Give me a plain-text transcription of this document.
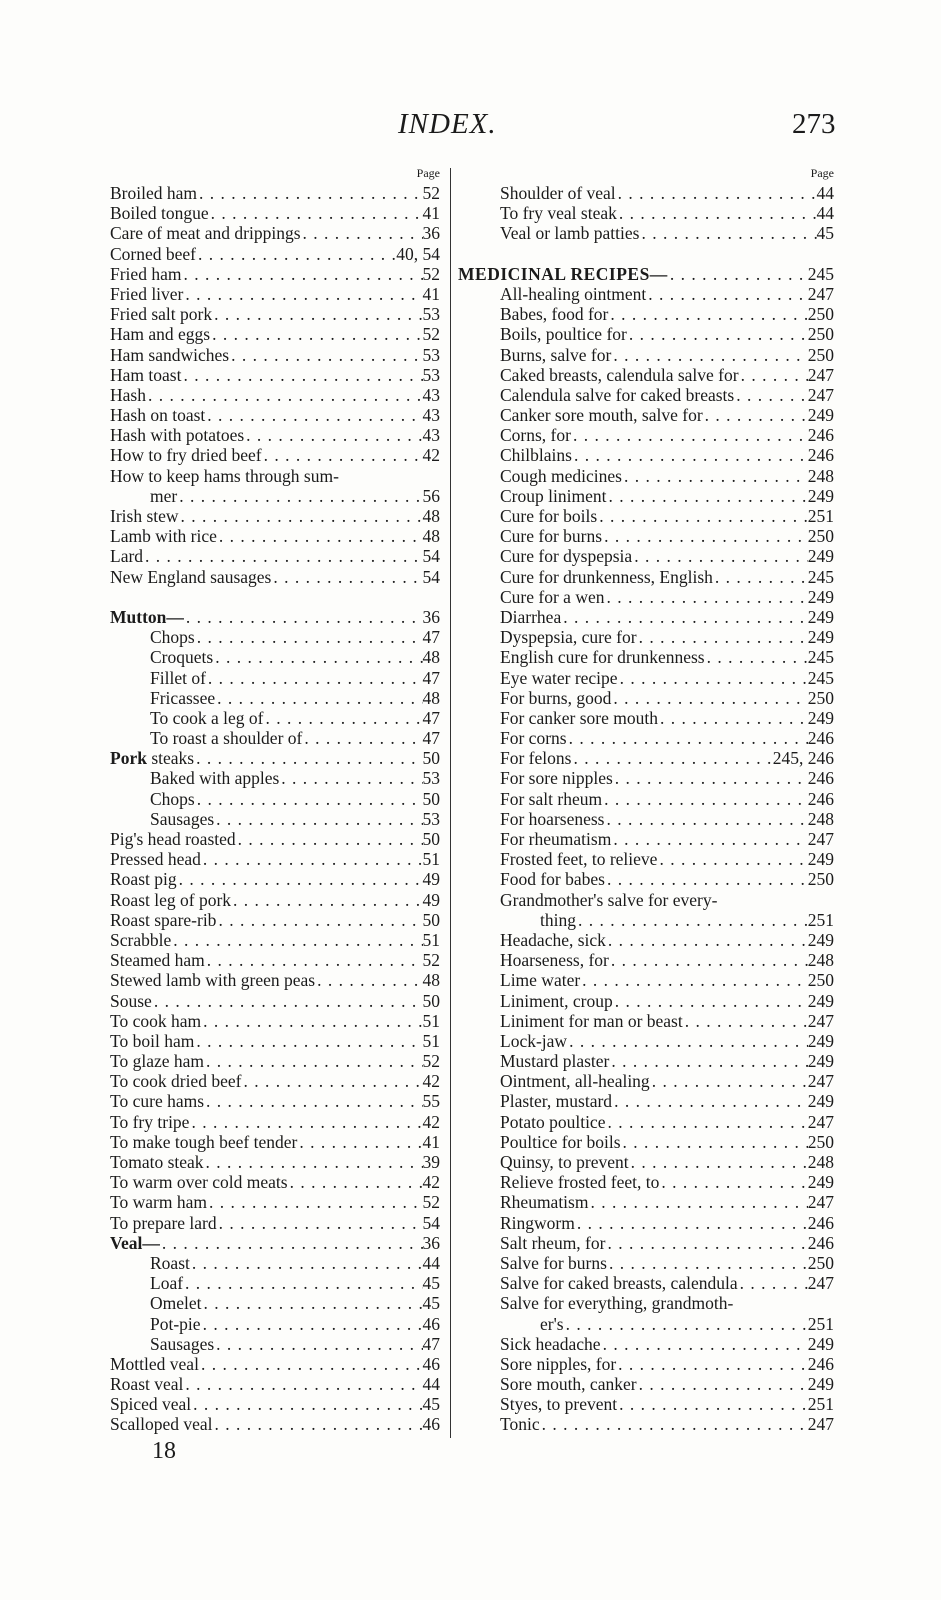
INDEX.	273
Page
Broiled ham . . .	52
Boiled tongue . . .	41
Care of meat and drippings . . .	36
Corned beef . . .	40, 54
Fried ham . . .	52
Fried liver . . .	41
Fried salt pork . . .	53
Ham and eggs . . .	52
Ham sandwiches . . .	53
Ham toast . . .	53
Hash . . .	43
Hash on toast . . .	43
Hash with potatoes . . .	43
How to fry dried beef . . .	42
How to keep hams through sum-
mer . . .	56
Irish stew . . .	48
Lamb with rice . . .	48
Lard . . .	54
New England sausages . . .	54
Mutton— . . .	36
Chops . . .	47
Croquets . . .	48
Fillet of . . .	47
Fricassee . . .	48
To cook a leg of . . .	47
To roast a shoulder of . . .	47
Pork steaks . . .	50
Baked with apples . . .	53
Chops . . .	50
Sausages . . .	53
Pig's head roasted . . .	50
Pressed head . . .	51
Roast pig . . .	49
Roast leg of pork . . .	49
Roast spare-rib . . .	50
Scrabble . . .	51
Steamed ham . . .	52
Stewed lamb with green peas . . .	48
Souse . . .	50
To cook ham . . .	51
To boil ham . . .	51
To glaze ham . . .	52
To cook dried beef . . .	42
To cure hams . . .	55
To fry tripe . . .	42
To make tough beef tender . . .	41
Tomato steak . . .	39
To warm over cold meats . . .	42
To warm ham . . .	52
To prepare lard . . .	54
Veal— . . .	36
Roast . . .	44
Loaf . . .	45
Omelet . . .	45
Pot-pie . . .	46
Sausages . . .	47
Mottled veal . . .	46
Roast veal . . .	44
Spiced veal . . .	45
Scalloped veal . . .	46
Page
Shoulder of veal . . .	44
To fry veal steak . . .	44
Veal or lamb patties . . .	45
MEDICINAL RECIPES— . . .	245
All-healing ointment . . .	247
Babes, food for . . .	250
Boils, poultice for . . .	250
Burns, salve for . . .	250
Caked breasts, calendula salve for . . .	247
Calendula salve for caked breasts . . .	247
Canker sore mouth, salve for . . .	249
Corns, for . . .	246
Chilblains . . .	246
Cough medicines . . .	248
Croup liniment . . .	249
Cure for boils . . .	251
Cure for burns . . .	250
Cure for dyspepsia . . .	249
Cure for drunkenness, English . . .	245
Cure for a wen . . .	249
Diarrhea . . .	249
Dyspepsia, cure for . . .	249
English cure for drunkenness . . .	245
Eye water recipe . . .	245
For burns, good . . .	250
For canker sore mouth . . .	249
For corns . . .	246
For felons . . .	245, 246
For sore nipples . . .	246
For salt rheum . . .	246
For hoarseness . . .	248
For rheumatism . . .	247
Frosted feet, to relieve . . .	249
Food for babes . . .	250
Grandmother's salve for every-
thing . . .	251
Headache, sick . . .	249
Hoarseness, for . . .	248
Lime water . . .	250
Liniment, croup . . .	249
Liniment for man or beast . . .	247
Lock-jaw . . .	249
Mustard plaster . . .	249
Ointment, all-healing . . .	247
Plaster, mustard . . .	249
Potato poultice . . .	247
Poultice for boils . . .	250
Quinsy, to prevent . . .	248
Relieve frosted feet, to . . .	249
Rheumatism . . .	247
Ringworm . . .	246
Salt rheum, for . . .	246
Salve for burns . . .	250
Salve for caked breasts, calendula . . .	247
Salve for everything, grandmoth-
er's . . .	251
Sick headache . . .	249
Sore nipples, for . . .	246
Sore mouth, canker . . .	249
Styes, to prevent . . .	251
Tonic . . .	247
18
